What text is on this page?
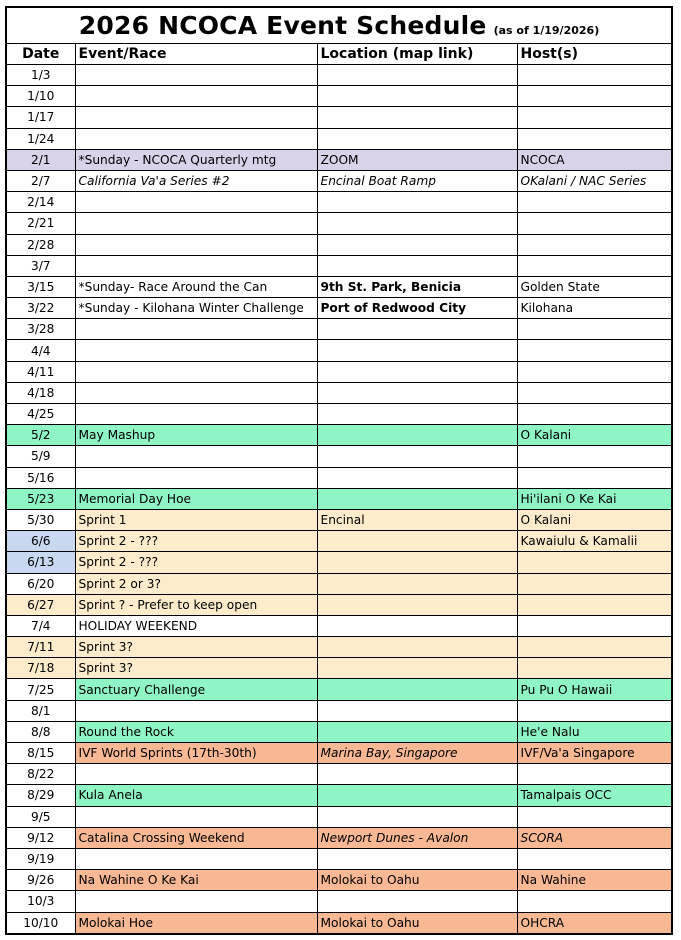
2026 NCOCA Event Schedule (as of 1/19/2026)
Date	Event/Race	Location (map link)	Host(s)
1/3			
1/10			
1/17			
1/24			
2/1	*Sunday - NCOCA Quarterly mtg	ZOOM	NCOCA
2/7	California Va'a Series #2	Encinal Boat Ramp	OKalani / NAC Series
2/14			
2/21			
2/28			
3/7			
3/15	*Sunday- Race Around the Can	9th St. Park, Benicia	Golden State
3/22	*Sunday - Kilohana Winter Challenge	Port of Redwood City	Kilohana
3/28			
4/4			
4/11			
4/18			
4/25			
5/2	May Mashup		O Kalani
5/9			
5/16			
5/23	Memorial Day Hoe		Hi'ilani O Ke Kai
5/30	Sprint 1	Encinal	O Kalani
6/6	Sprint 2 - ???		Kawaiulu & Kamalii
6/13	Sprint 2 - ???		
6/20	Sprint 2 or 3?		
6/27	Sprint ? - Prefer to keep open		
7/4	HOLIDAY WEEKEND		
7/11	Sprint 3?		
7/18	Sprint 3?		
7/25	Sanctuary Challenge		Pu Pu O Hawaii
8/1			
8/8	Round the Rock		He'e Nalu
8/15	IVF World Sprints (17th-30th)	Marina Bay, Singapore	IVF/Va'a Singapore
8/22			
8/29	Kula Anela		Tamalpais OCC
9/5			
9/12	Catalina Crossing Weekend	Newport Dunes - Avalon	SCORA
9/19			
9/26	Na Wahine O Ke Kai	Molokai to Oahu	Na Wahine
10/3			
10/10	Molokai Hoe	Molokai to Oahu	OHCRA
